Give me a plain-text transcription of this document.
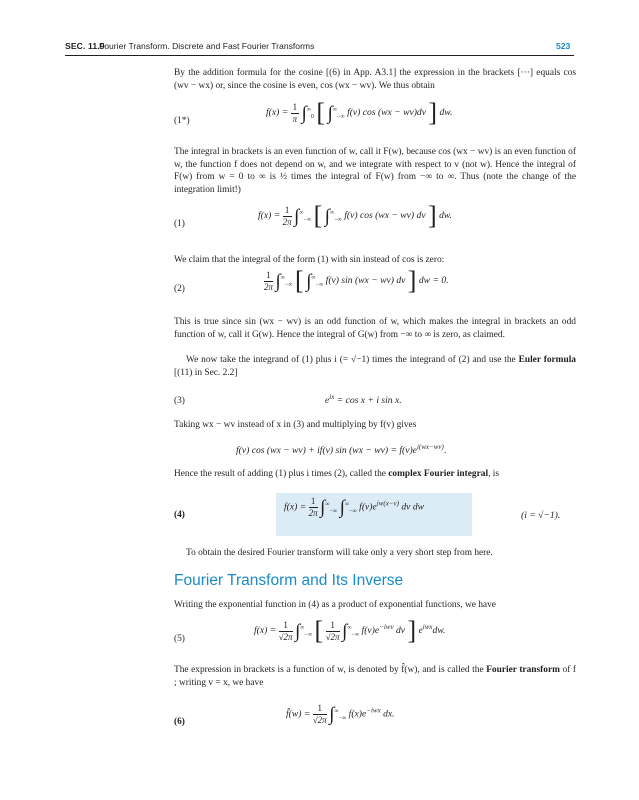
SEC. 11.9
Fourier Transform. Discrete and Fast Fourier Transforms	523
By the addition formula for the cosine [(6) in App. A3.1] the expression in the brackets [···] equals cos (wv − wx) or, since the cosine is even, cos (wx − wv). We thus obtain
(1*)
$f(x) = \frac{1}{\pi} \int^\infty_0$ [ $\int^\infty_{-\infty}$ f(v) cos (wx − wv)dv ] dw.
The integral in brackets is an even function of w, call it F(w), because cos (wx − wv) is an even function of w, the function f does not depend on w, and we integrate with respect to v (not w). Hence the integral of F(w) from w = 0 to ∞ is ½ times the integral of F(w) from −∞ to ∞. Thus (note the change of the integration limit!)
(1)
$f(x) = \frac{1}{2\pi} \int^\infty_{-\infty}$ [ $\int^\infty_{-\infty}$ f(v) cos (wx − wv) dv ] dw.
We claim that the integral of the form (1) with sin instead of cos is zero:
(2)	$\frac{1}{2\pi} \int^\infty_{-\infty}$ [ $\int^\infty_{-\infty}$ f(v) sin (wx − wv) dv ] dw = 0.
This is true since sin (wx − wv) is an odd function of w, which makes the integral in brackets an odd function of w, call it G(w). Hence the integral of G(w) from −∞ to ∞ is zero, as claimed.
We now take the integrand of (1) plus i (= √−1) times the integrand of (2) and use the Euler formula [(11) in Sec. 2.2]
(3)	$e^{ix} = \cos x + i$ sin x.
Taking wx − wv instead of x in (3) and multiplying by f(v) gives
f(v) cos (wx − wv) + if(v) $\sin (wx - wv) = f(v)e^{i(wx-wv)}$.
Hence the result of adding (1) plus i times (2), called the complex Fourier integral, is
(4)
$f(x) = \frac{1}{2\pi} \int^\infty_{-\infty}$ $\int^\infty_{-\infty}$ $f(v)e^{iw(x-v)}$ dv dw
(i = √−1).
To obtain the desired Fourier transform will take only a very short step from here.
Fourier Transform and Its Inverse
Writing the exponential function in (4) as a product of exponential functions, we have
(5)
$f(x) = \frac{1}{√2\pi} \int^\infty_{-\infty}$ [ $\frac{1}{√2\pi} \int^\infty_{-\infty}$ $f(v)e^{-iwv}$ dv ] $e^{iwx}dw$.
The expression in brackets is a function of w, is denoted by f̂(w), and is called the Fourier transform of f ; writing v = x, we have
(6)
f̂(w) = $\frac{1}{√2\pi} \int^\infty_{-\infty}$ $f(x)e^{-iwx}$ dx.
